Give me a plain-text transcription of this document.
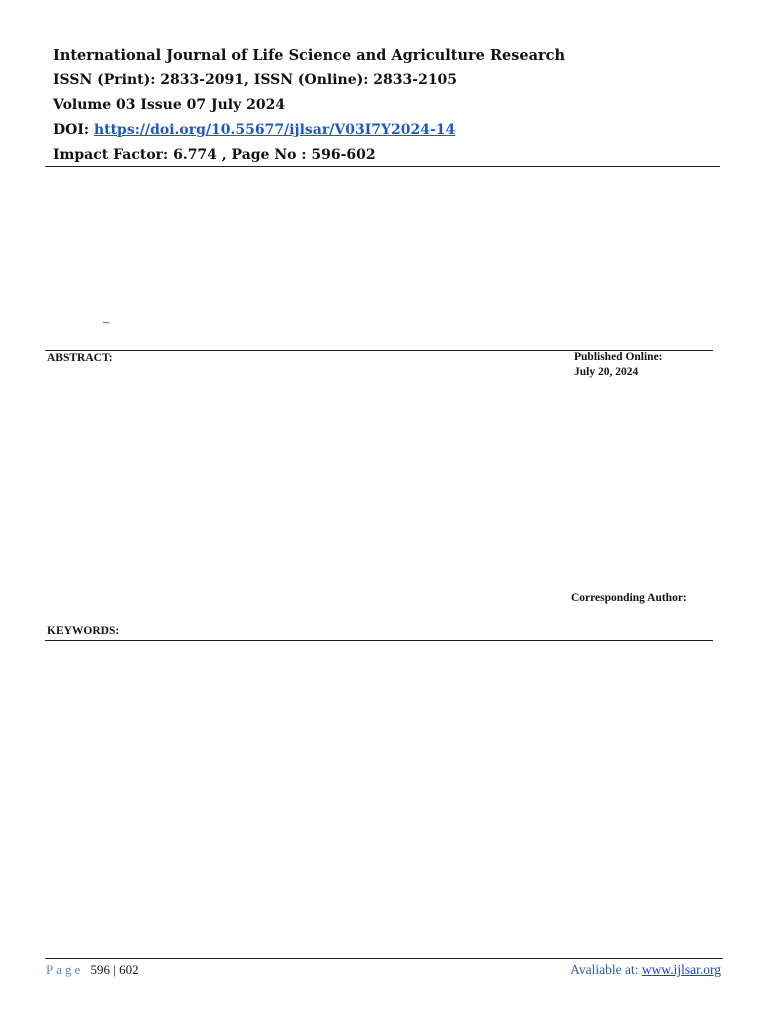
International Journal of Life Science and Agriculture Research
ISSN (Print): 2833-2091, ISSN (Online): 2833-2105
Volume 03 Issue 07 July 2024
DOI: https://doi.org/10.55677/ijlsar/V03I7Y2024-14
Impact Factor: 6.774 , Page No : 596-602
–
ABSTRACT:	Published Online:
July 20, 2024
Corresponding Author:
KEYWORDS:
Page 596 | 602	Avaliable at: www.ijlsar.org
